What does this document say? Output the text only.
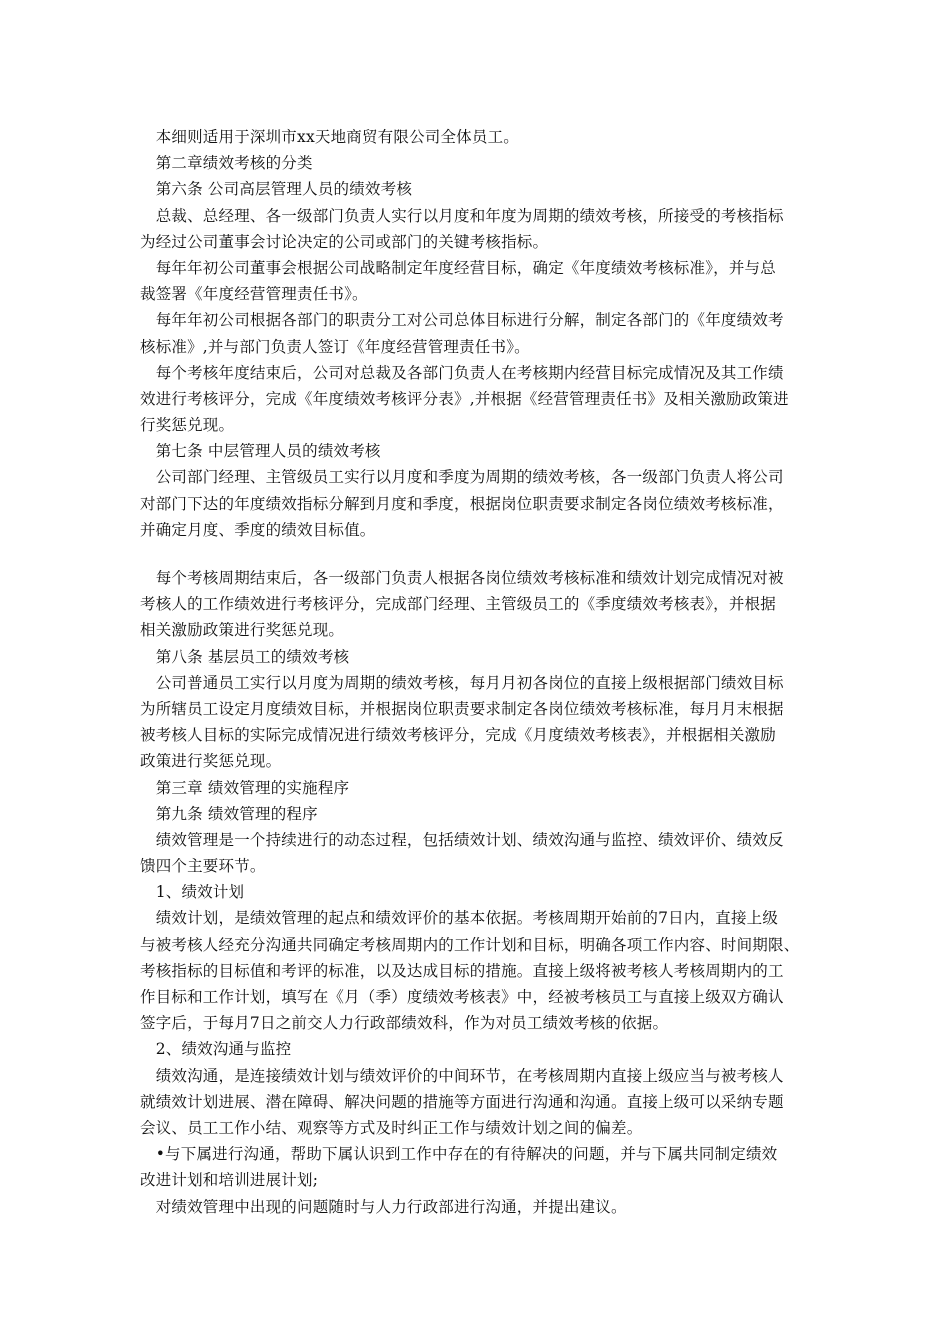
　本细则适用于深圳市xx天地商贸有限公司全体员工。
　第二章绩效考核的分类
　第六条 公司高层管理人员的绩效考核
　总裁、总经理、各一级部门负责人实行以月度和年度为周期的绩效考核，所接受的考核指标
为经过公司董事会讨论决定的公司或部门的关键考核指标。
　每年年初公司董事会根据公司战略制定年度经营目标，确定《年度绩效考核标准》，并与总
裁签署《年度经营管理责任书》。
　每年年初公司根据各部门的职责分工对公司总体目标进行分解，制定各部门的《年度绩效考
核标准》,并与部门负责人签订《年度经营管理责任书》。
　每个考核年度结束后，公司对总裁及各部门负责人在考核期内经营目标完成情况及其工作绩
效进行考核评分，完成《年度绩效考核评分表》,并根据《经营管理责任书》及相关激励政策进
行奖惩兑现。
　第七条 中层管理人员的绩效考核
　公司部门经理、主管级员工实行以月度和季度为周期的绩效考核，各一级部门负责人将公司
对部门下达的年度绩效指标分解到月度和季度，根据岗位职责要求制定各岗位绩效考核标准，
并确定月度、季度的绩效目标值。
　每个考核周期结束后，各一级部门负责人根据各岗位绩效考核标准和绩效计划完成情况对被
考核人的工作绩效进行考核评分，完成部门经理、主管级员工的《季度绩效考核表》，并根据
相关激励政策进行奖惩兑现。
　第八条 基层员工的绩效考核
　公司普通员工实行以月度为周期的绩效考核，每月月初各岗位的直接上级根据部门绩效目标
为所辖员工设定月度绩效目标，并根据岗位职责要求制定各岗位绩效考核标准，每月月末根据
被考核人目标的实际完成情况进行绩效考核评分，完成《月度绩效考核表》，并根据相关激励
政策进行奖惩兑现。
　第三章 绩效管理的实施程序
　第九条 绩效管理的程序
　绩效管理是一个持续进行的动态过程，包括绩效计划、绩效沟通与监控、绩效评价、绩效反
馈四个主要环节。
　1、绩效计划
　绩效计划，是绩效管理的起点和绩效评价的基本依据。考核周期开始前的7日内，直接上级
与被考核人经充分沟通共同确定考核周期内的工作计划和目标，明确各项工作内容、时间期限、
考核指标的目标值和考评的标准，以及达成目标的措施。直接上级将被考核人考核周期内的工
作目标和工作计划，填写在《月（季）度绩效考核表》中，经被考核员工与直接上级双方确认
签字后，于每月7日之前交人力行政部绩效科，作为对员工绩效考核的依据。
　2、绩效沟通与监控
　绩效沟通，是连接绩效计划与绩效评价的中间环节，在考核周期内直接上级应当与被考核人
就绩效计划进展、潜在障碍、解决问题的措施等方面进行沟通和沟通。直接上级可以采纳专题
会议、员工工作小结、观察等方式及时纠正工作与绩效计划之间的偏差。
　•与下属进行沟通，帮助下属认识到工作中存在的有待解决的问题，并与下属共同制定绩效
改进计划和培训进展计划;
　对绩效管理中出现的问题随时与人力行政部进行沟通，并提出建议。
